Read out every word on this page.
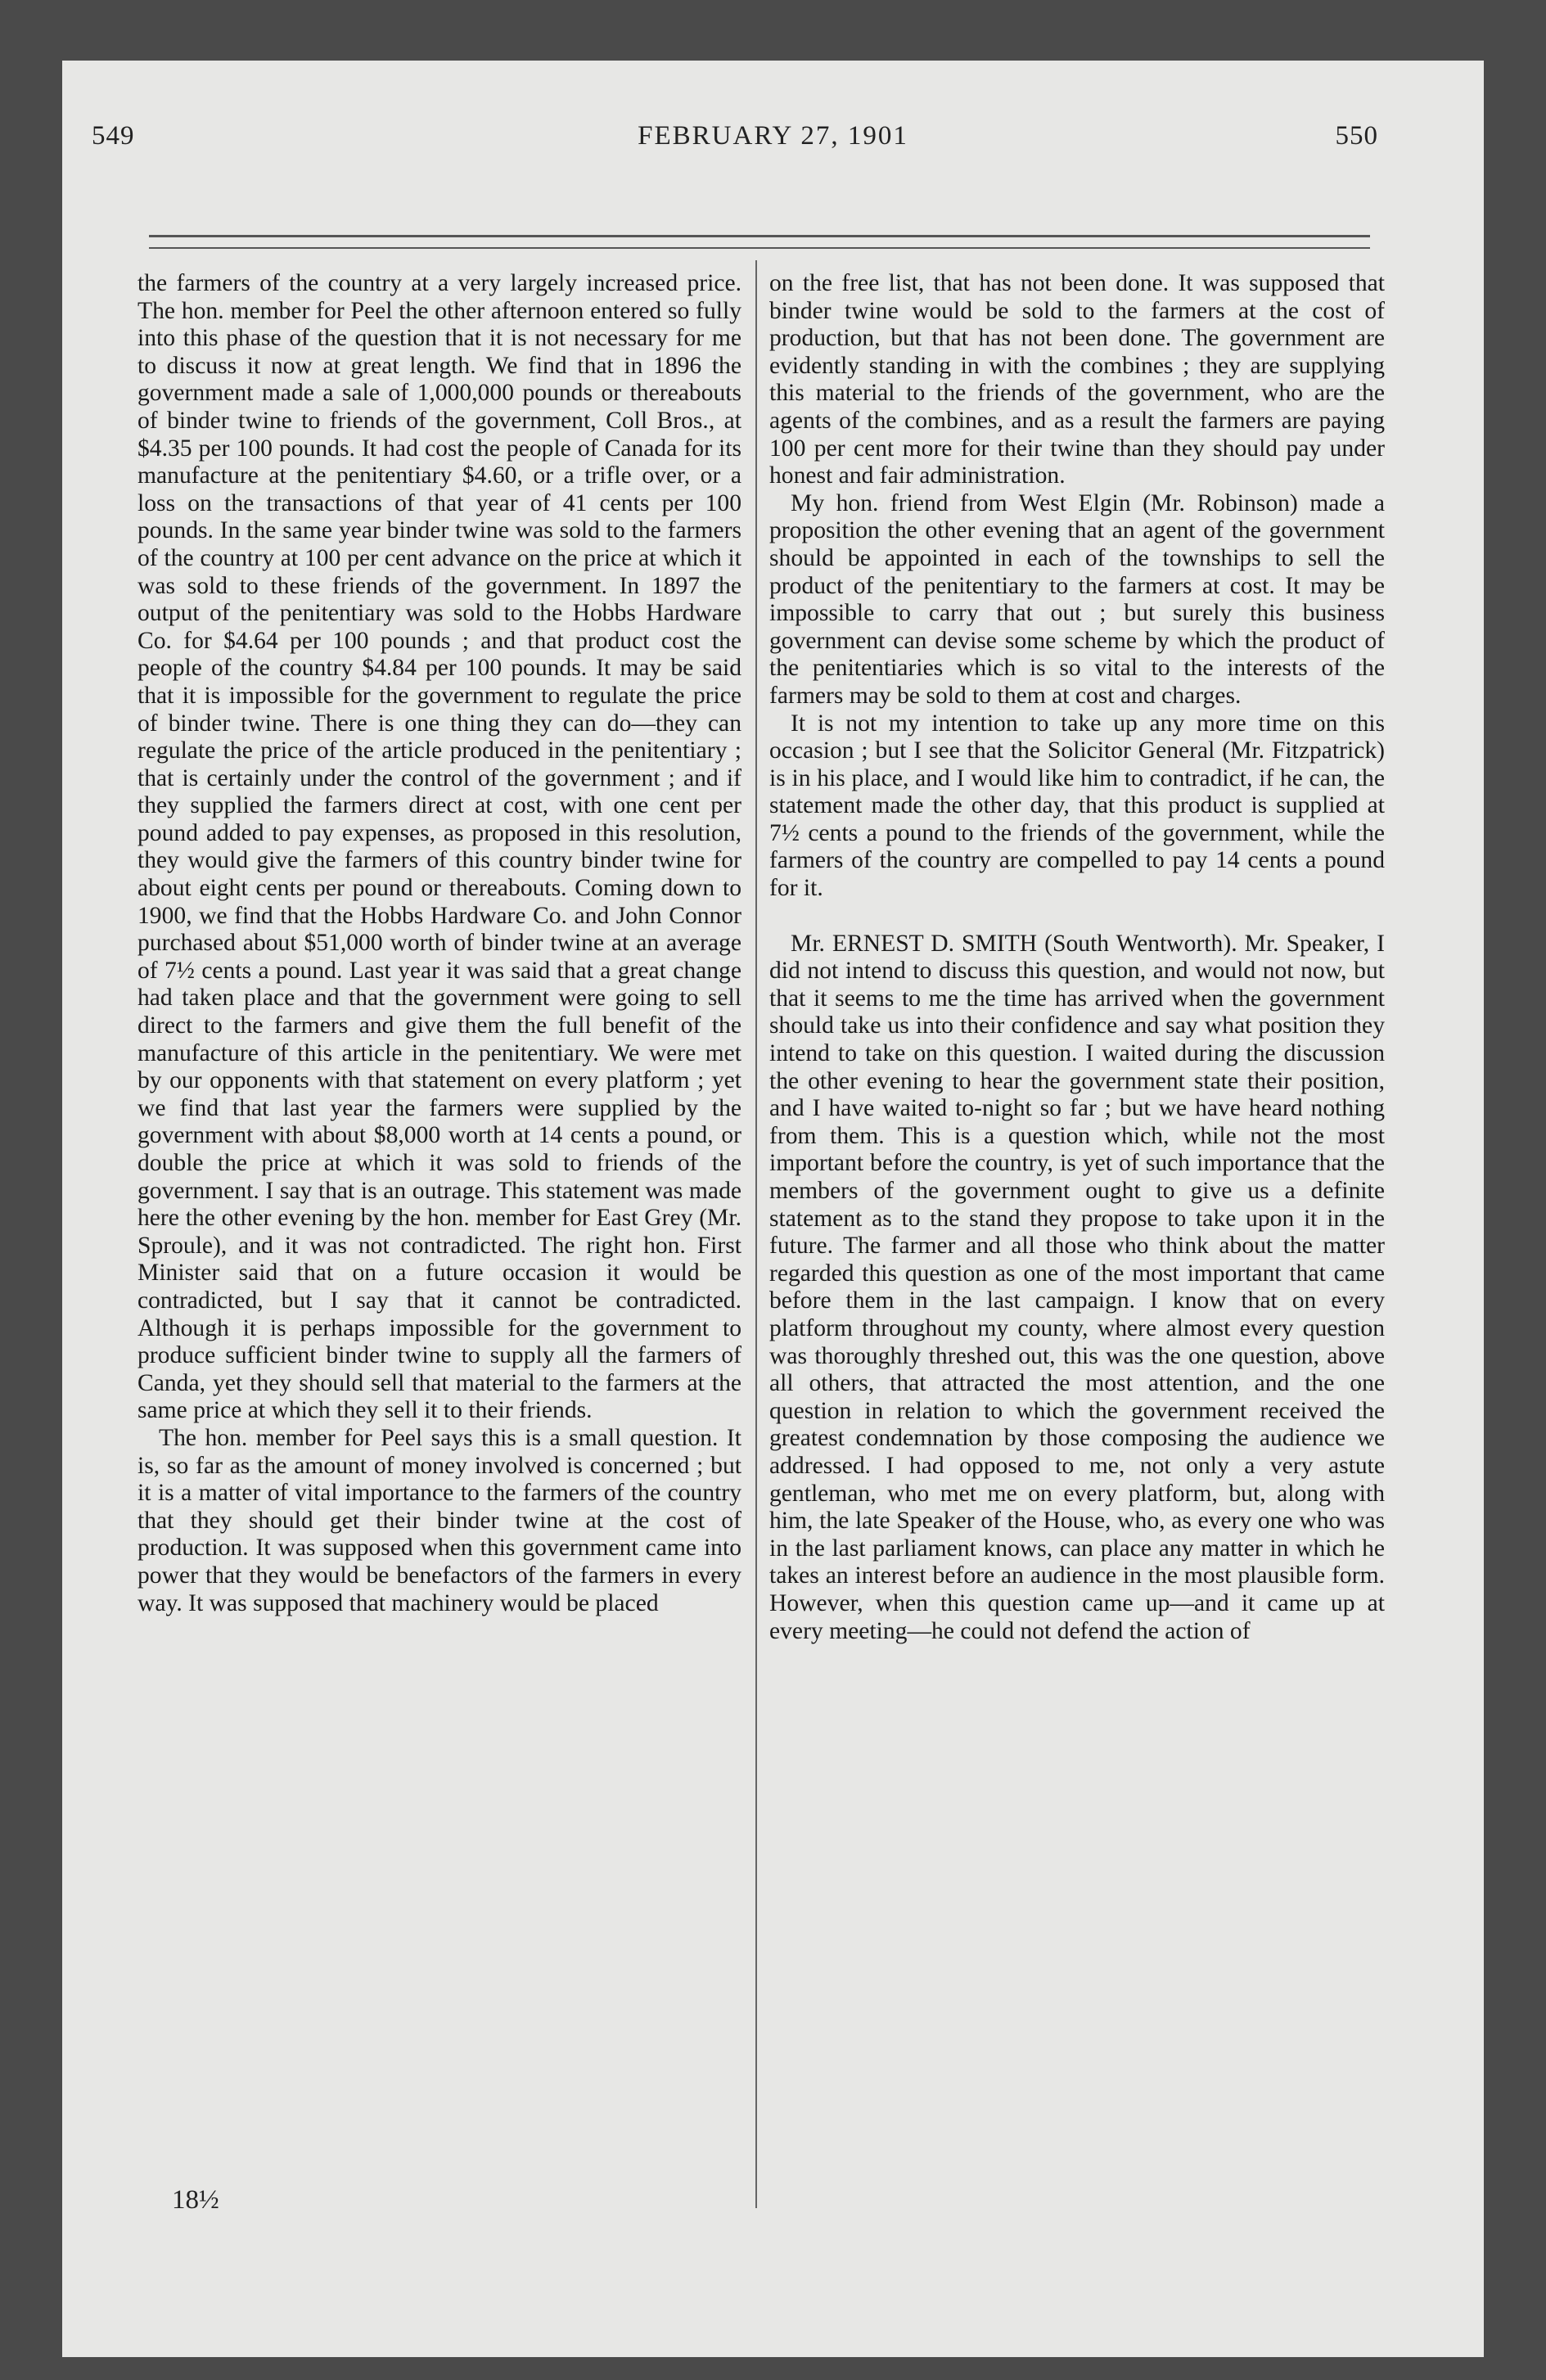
549	FEBRUARY 27, 1901	550

the farmers of the country at a very largely increased price. The hon. member for Peel the other afternoon entered so fully into this phase of the question that it is not necessary for me to discuss it now at great length. We find that in 1896 the government made a sale of 1,000,000 pounds or thereabouts of binder twine to friends of the government, Coll Bros., at $4.35 per 100 pounds. It had cost the people of Canada for its manufacture at the penitentiary $4.60, or a trifle over, or a loss on the transactions of that year of 41 cents per 100 pounds. In the same year binder twine was sold to the farmers of the country at 100 per cent advance on the price at which it was sold to these friends of the government. In 1897 the output of the penitentiary was sold to the Hobbs Hardware Co. for $4.64 per 100 pounds ; and that product cost the people of the country $4.84 per 100 pounds. It may be said that it is impossible for the government to regulate the price of binder twine. There is one thing they can do—they can regulate the price of the article produced in the penitentiary ; that is certainly under the control of the government ; and if they supplied the farmers direct at cost, with one cent per pound added to pay expenses, as proposed in this resolution, they would give the farmers of this country binder twine for about eight cents per pound or thereabouts. Coming down to 1900, we find that the Hobbs Hardware Co. and John Connor purchased about $51,000 worth of binder twine at an average of 7½ cents a pound. Last year it was said that a great change had taken place and that the government were going to sell direct to the farmers and give them the full benefit of the manufacture of this article in the penitentiary. We were met by our opponents with that statement on every platform ; yet we find that last year the farmers were supplied by the government with about $8,000 worth at 14 cents a pound, or double the price at which it was sold to friends of the government. I say that is an outrage. This statement was made here the other evening by the hon. member for East Grey (Mr. Sproule), and it was not contradicted. The right hon. First Minister said that on a future occasion it would be contradicted, but I say that it cannot be contradicted. Although it is perhaps impossible for the government to produce sufficient binder twine to supply all the farmers of Canda, yet they should sell that material to the farmers at the same price at which they sell it to their friends.

The hon. member for Peel says this is a small question. It is, so far as the amount of money involved is concerned ; but it is a matter of vital importance to the farmers of the country that they should get their binder twine at the cost of production. It was supposed when this government came into power that they would be benefactors of the farmers in every way. It was supposed that machinery would be placed

on the free list, that has not been done. It was supposed that binder twine would be sold to the farmers at the cost of production, but that has not been done. The government are evidently standing in with the combines ; they are supplying this material to the friends of the government, who are the agents of the combines, and as a result the farmers are paying 100 per cent more for their twine than they should pay under honest and fair administration.

My hon. friend from West Elgin (Mr. Robinson) made a proposition the other evening that an agent of the government should be appointed in each of the townships to sell the product of the penitentiary to the farmers at cost. It may be impossible to carry that out ; but surely this business government can devise some scheme by which the product of the penitentiaries which is so vital to the interests of the farmers may be sold to them at cost and charges.

It is not my intention to take up any more time on this occasion ; but I see that the Solicitor General (Mr. Fitzpatrick) is in his place, and I would like him to contradict, if he can, the statement made the other day, that this product is supplied at 7½ cents a pound to the friends of the government, while the farmers of the country are compelled to pay 14 cents a pound for it.

Mr. ERNEST D. SMITH (South Wentworth). Mr. Speaker, I did not intend to discuss this question, and would not now, but that it seems to me the time has arrived when the government should take us into their confidence and say what position they intend to take on this question. I waited during the discussion the other evening to hear the government state their position, and I have waited to-night so far ; but we have heard nothing from them. This is a question which, while not the most important before the country, is yet of such importance that the members of the government ought to give us a definite statement as to the stand they propose to take upon it in the future. The farmer and all those who think about the matter regarded this question as one of the most important that came before them in the last campaign. I know that on every platform throughout my county, where almost every question was thoroughly threshed out, this was the one question, above all others, that attracted the most attention, and the one question in relation to which the government received the greatest condemnation by those composing the audience we addressed. I had opposed to me, not only a very astute gentleman, who met me on every platform, but, along with him, the late Speaker of the House, who, as every one who was in the last parliament knows, can place any matter in which he takes an interest before an audience in the most plausible form. However, when this question came up—and it came up at every meeting—he could not defend the action of

18½
